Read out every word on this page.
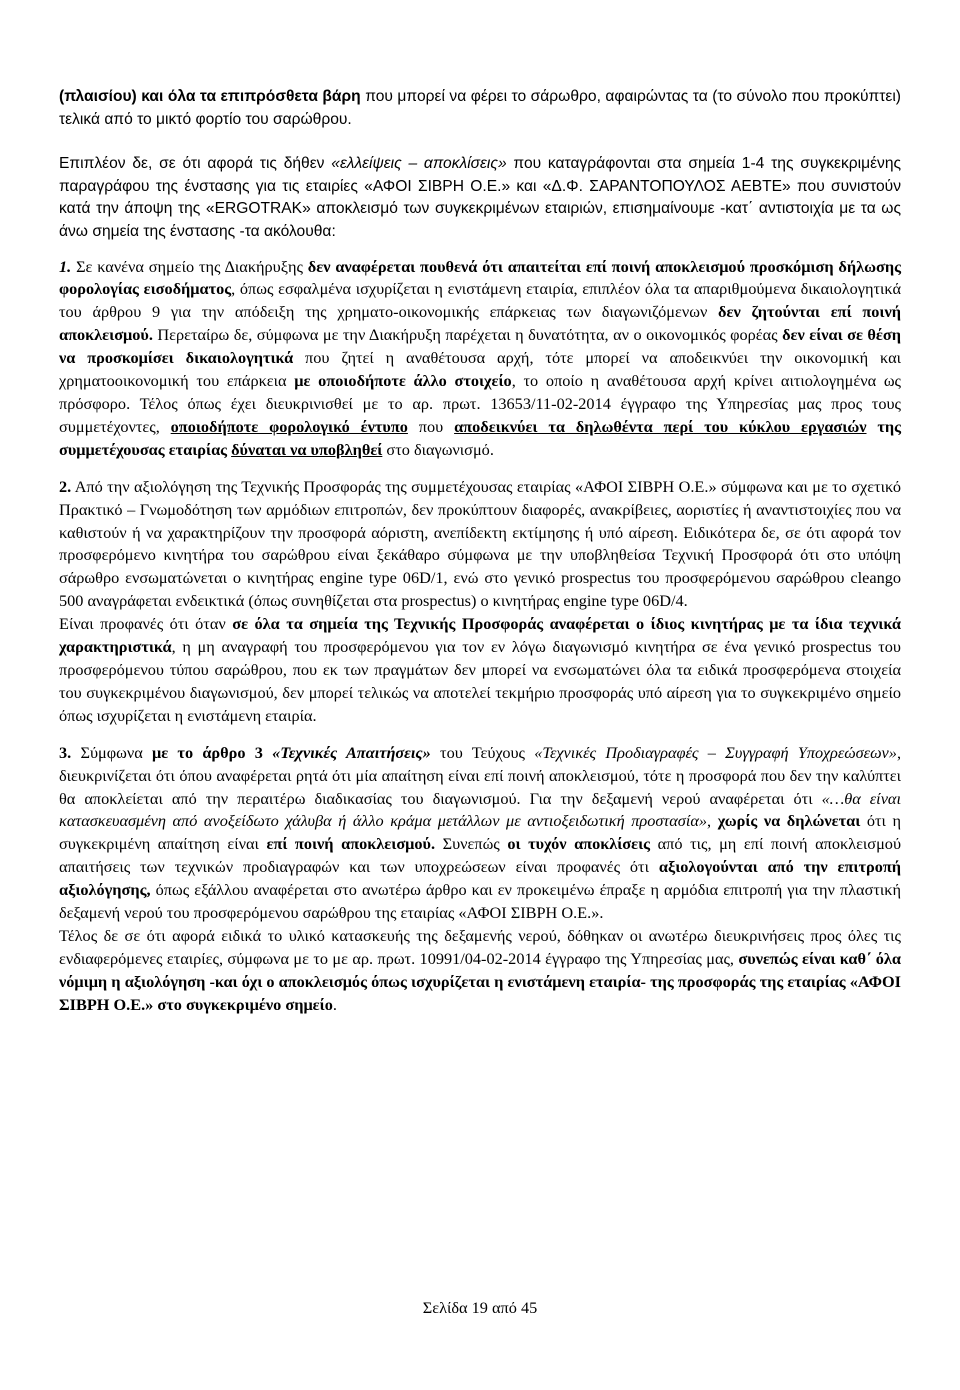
(πλαισίου) και όλα τα επιπρόσθετα βάρη που μπορεί να φέρει το σάρωθρο, αφαιρώντας τα (το σύνολο που προκύπτει) τελικά από το μικτό φορτίο του σαρώθρου.

Επιπλέον δε, σε ότι αφορά τις δήθεν «ελλείψεις – αποκλίσεις» που καταγράφονται στα σημεία 1-4 της συγκεκριμένης παραγράφου της ένστασης για τις εταιρίες «ΑΦΟΙ ΣΙΒΡΗ Ο.Ε.» και «Δ.Φ. ΣΑΡΑΝΤΟΠΟΥΛΟΣ ΑΕΒΤΕ» που συνιστούν κατά την άποψη της «ERGOTRAK» αποκλεισμό των συγκεκριμένων εταιριών, επισημαίνουμε -κατ΄ αντιστοιχία με τα ως άνω σημεία της ένστασης -τα ακόλουθα:

1. Σε κανένα σημείο της Διακήρυξης δεν αναφέρεται πουθενά ότι απαιτείται επί ποινή αποκλεισμού προσκόμιση δήλωσης φορολογίας εισοδήματος, όπως εσφαλμένα ισχυρίζεται η ενιστάμενη εταιρία, επιπλέον όλα τα απαριθμούμενα δικαιολογητικά του άρθρου 9 για την απόδειξη της χρηματο-οικονομικής επάρκειας των διαγωνιζόμενων δεν ζητούνται επί ποινή αποκλεισμού. Περεταίρω δε, σύμφωνα με την Διακήρυξη παρέχεται η δυνατότητα, αν ο οικονομικός φορέας δεν είναι σε θέση να προσκομίσει δικαιολογητικά που ζητεί η αναθέτουσα αρχή, τότε μπορεί να αποδεικνύει την οικονομική και χρηματοοικονομική του επάρκεια με οποιοδήποτε άλλο στοιχείο, το οποίο η αναθέτουσα αρχή κρίνει αιτιολογημένα ως πρόσφορο. Τέλος όπως έχει διευκρινισθεί με το αρ. πρωτ. 13653/11-02-2014 έγγραφο της Υπηρεσίας μας προς τους συμμετέχοντες, οποιοδήποτε φορολογικό έντυπο που αποδεικνύει τα δηλωθέντα περί του κύκλου εργασιών της συμμετέχουσας εταιρίας δύναται να υποβληθεί στο διαγωνισμό.

2. Από την αξιολόγηση της Τεχνικής Προσφοράς της συμμετέχουσας εταιρίας «ΑΦΟΙ ΣΙΒΡΗ Ο.Ε.» σύμφωνα και με το σχετικό Πρακτικό – Γνωμοδότηση των αρμόδιων επιτροπών, δεν προκύπτουν διαφορές, ανακρίβειες, αοριστίες ή αναντιστοιχίες που να καθιστούν ή να χαρακτηρίζουν την προσφορά αόριστη, ανεπίδεκτη εκτίμησης ή υπό αίρεση. Ειδικότερα δε, σε ότι αφορά τον προσφερόμενο κινητήρα του σαρώθρου είναι ξεκάθαρο σύμφωνα με την υποβληθείσα Τεχνική Προσφορά ότι στο υπόψη σάρωθρο ενσωματώνεται ο κινητήρας engine type 06D/1, ενώ στο γενικό prospectus του προσφερόμενου σαρώθρου cleango 500 αναγράφεται ενδεικτικά (όπως συνηθίζεται στα prospectus) ο κινητήρας engine type 06D/4.

Είναι προφανές ότι όταν σε όλα τα σημεία της Τεχνικής Προσφοράς αναφέρεται ο ίδιος κινητήρας με τα ίδια τεχνικά χαρακτηριστικά, η μη αναγραφή του προσφερόμενου για τον εν λόγω διαγωνισμό κινητήρα σε ένα γενικό prospectus του προσφερόμενου τύπου σαρώθρου, που εκ των πραγμάτων δεν μπορεί να ενσωματώνει όλα τα ειδικά προσφερόμενα στοιχεία του συγκεκριμένου διαγωνισμού, δεν μπορεί τελικώς να αποτελεί τεκμήριο προσφοράς υπό αίρεση για το συγκεκριμένο σημείο όπως ισχυρίζεται η ενιστάμενη εταιρία.

3. Σύμφωνα με το άρθρο 3 «Τεχνικές Απαιτήσεις» του Τεύχους «Τεχνικές Προδιαγραφές – Συγγραφή Υποχρεώσεων», διευκρινίζεται ότι όπου αναφέρεται ρητά ότι μία απαίτηση είναι επί ποινή αποκλεισμού, τότε η προσφορά που δεν την καλύπτει θα αποκλείεται από την περαιτέρω διαδικασίας του διαγωνισμού. Για την δεξαμενή νερού αναφέρεται ότι «…θα είναι κατασκευασμένη από ανοξείδωτο χάλυβα ή άλλο κράμα μετάλλων με αντιοξειδωτική προστασία», χωρίς να δηλώνεται ότι η συγκεκριμένη απαίτηση είναι επί ποινή αποκλεισμού. Συνεπώς οι τυχόν αποκλίσεις από τις, μη επί ποινή αποκλεισμού απαιτήσεις των τεχνικών προδιαγραφών και των υποχρεώσεων είναι προφανές ότι αξιολογούνται από την επιτροπή αξιολόγησης, όπως εξάλλου αναφέρεται στο ανωτέρω άρθρο και εν προκειμένω έπραξε η αρμόδια επιτροπή για την πλαστική δεξαμενή νερού του προσφερόμενου σαρώθρου της εταιρίας «ΑΦΟΙ ΣΙΒΡΗ Ο.Ε.».

Τέλος δε σε ότι αφορά ειδικά το υλικό κατασκευής της δεξαμενής νερού, δόθηκαν οι ανωτέρω διευκρινήσεις προς όλες τις ενδιαφερόμενες εταιρίες, σύμφωνα με το με αρ. πρωτ. 10991/04-02-2014 έγγραφο της Υπηρεσίας μας, συνεπώς είναι καθ΄ όλα νόμιμη η αξιολόγηση -και όχι ο αποκλεισμός όπως ισχυρίζεται η ενιστάμενη εταιρία- της προσφοράς της εταιρίας «ΑΦΟΙ ΣΙΒΡΗ Ο.Ε.» στο συγκεκριμένο σημείο.

Σελίδα 19 από 45
